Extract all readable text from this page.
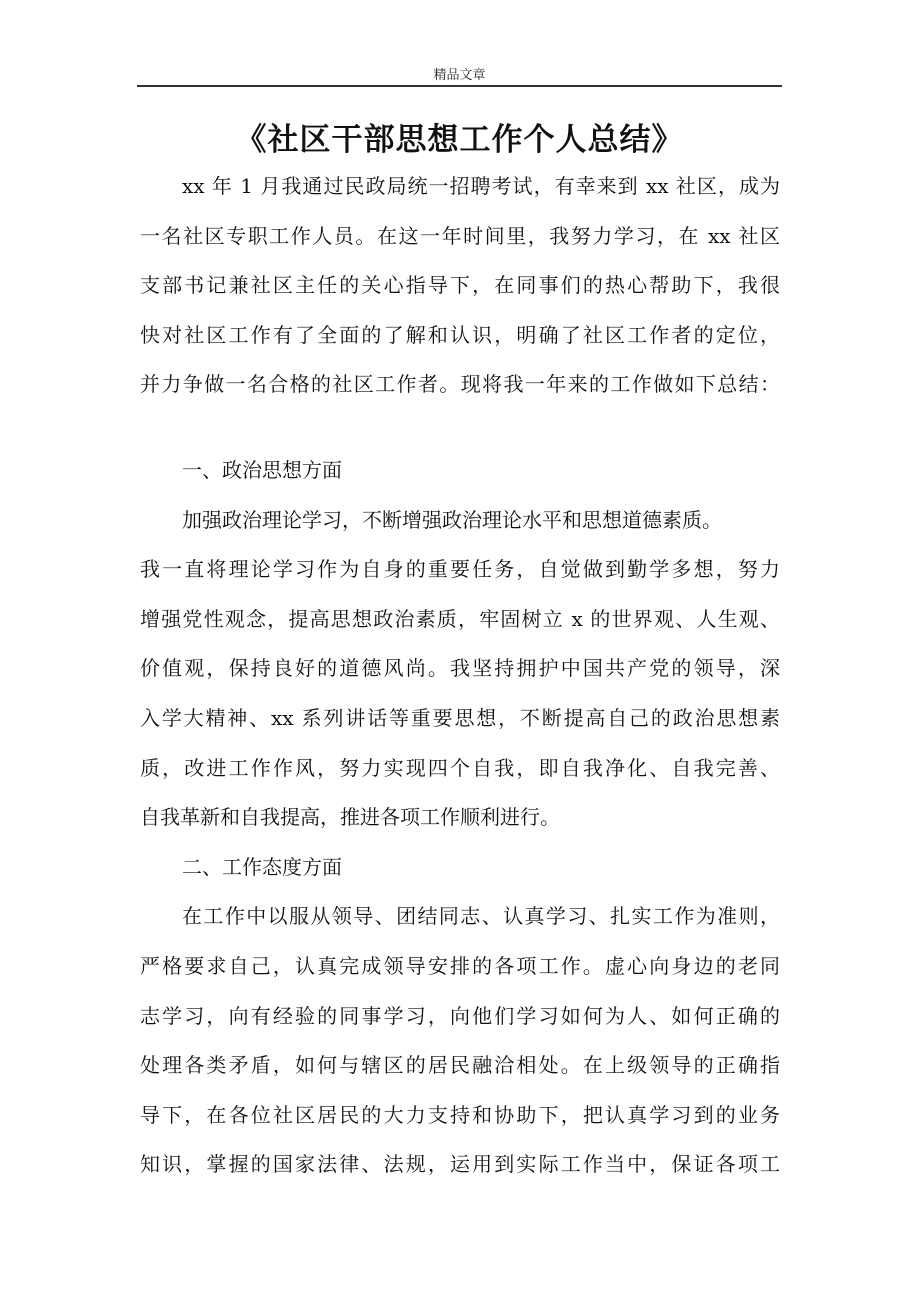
精品文章
《社区干部思想工作个人总结》
xx 年 1 月我通过民政局统一招聘考试，有幸来到 xx 社区，成为
一名社区专职工作人员。在这一年时间里，我努力学习，在 xx 社区
支部书记兼社区主任的关心指导下，在同事们的热心帮助下，我很
快对社区工作有了全面的了解和认识，明确了社区工作者的定位，
并力争做一名合格的社区工作者。现将我一年来的工作做如下总结：
一、政治思想方面
加强政治理论学习，不断增强政治理论水平和思想道德素质。
我一直将理论学习作为自身的重要任务，自觉做到勤学多想，努力
增强党性观念，提高思想政治素质，牢固树立 x 的世界观、人生观、
价值观，保持良好的道德风尚。我坚持拥护中国共产党的领导，深
入学大精神、xx 系列讲话等重要思想，不断提高自己的政治思想素
质，改进工作作风，努力实现四个自我，即自我净化、自我完善、
自我革新和自我提高，推进各项工作顺利进行。
二、工作态度方面
在工作中以服从领导、团结同志、认真学习、扎实工作为准则，
严格要求自己，认真完成领导安排的各项工作。虚心向身边的老同
志学习，向有经验的同事学习，向他们学习如何为人、如何正确的
处理各类矛盾，如何与辖区的居民融洽相处。在上级领导的正确指
导下，在各位社区居民的大力支持和协助下，把认真学习到的业务
知识，掌握的国家法律、法规，运用到实际工作当中，保证各项工
